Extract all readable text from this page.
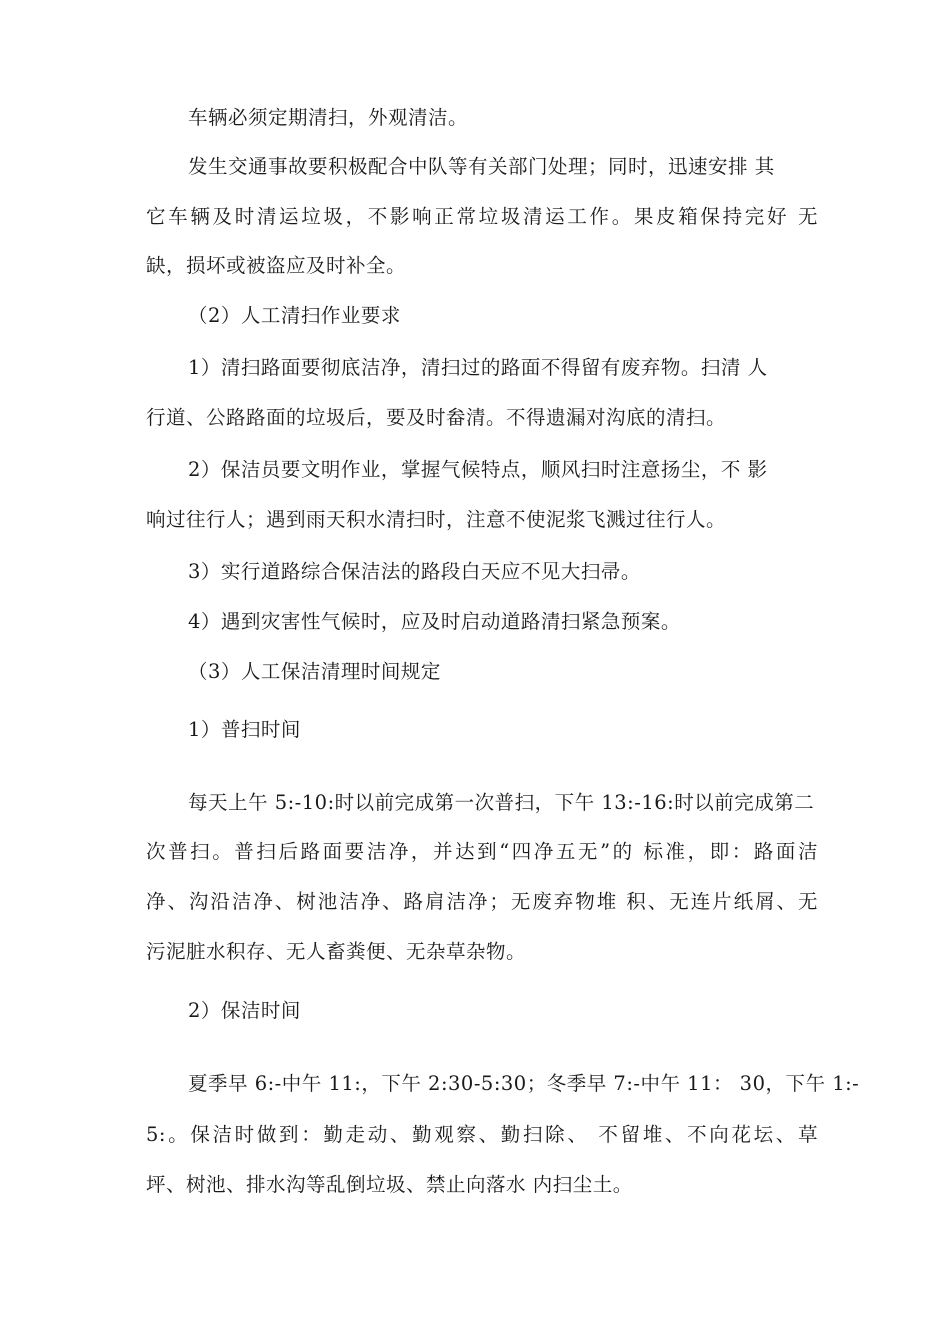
车辆必须定期清扫，外观清洁。
发生交通事故要积极配合中队等有关部门处理；同时，迅速安排 其
它车辆及时清运垃圾，不影响正常垃圾清运工作。果皮箱保持完好 无
缺，损坏或被盗应及时补全。
（2）人工清扫作业要求
1）清扫路面要彻底洁净，清扫过的路面不得留有废弃物。扫清 人
行道、公路路面的垃圾后，要及时畚清。不得遗漏对沟底的清扫。
2）保洁员要文明作业，掌握气候特点，顺风扫时注意扬尘，不 影
响过往行人；遇到雨天积水清扫时，注意不使泥浆飞溅过往行人。
3）实行道路综合保洁法的路段白天应不见大扫帚。
4）遇到灾害性气候时，应及时启动道路清扫紧急预案。
（3）人工保洁清理时间规定
1）普扫时间
每天上午 5:-10:时以前完成第一次普扫，下午 13:-16:时以前完成第二
次普扫。普扫后路面要洁净，并达到“四净五无”的 标准，即：路面洁
净、沟沿洁净、树池洁净、路肩洁净；无废弃物堆 积、无连片纸屑、无
污泥脏水积存、无人畜粪便、无杂草杂物。
2）保洁时间
夏季早 6:-中午 11:，下午 2:30-5:30；冬季早 7:-中午 11： 30，下午 1:-
5:。保洁时做到：勤走动、勤观察、勤扫除、 不留堆、不向花坛、草
坪、树池、排水沟等乱倒垃圾、禁止向落水 内扫尘土。
